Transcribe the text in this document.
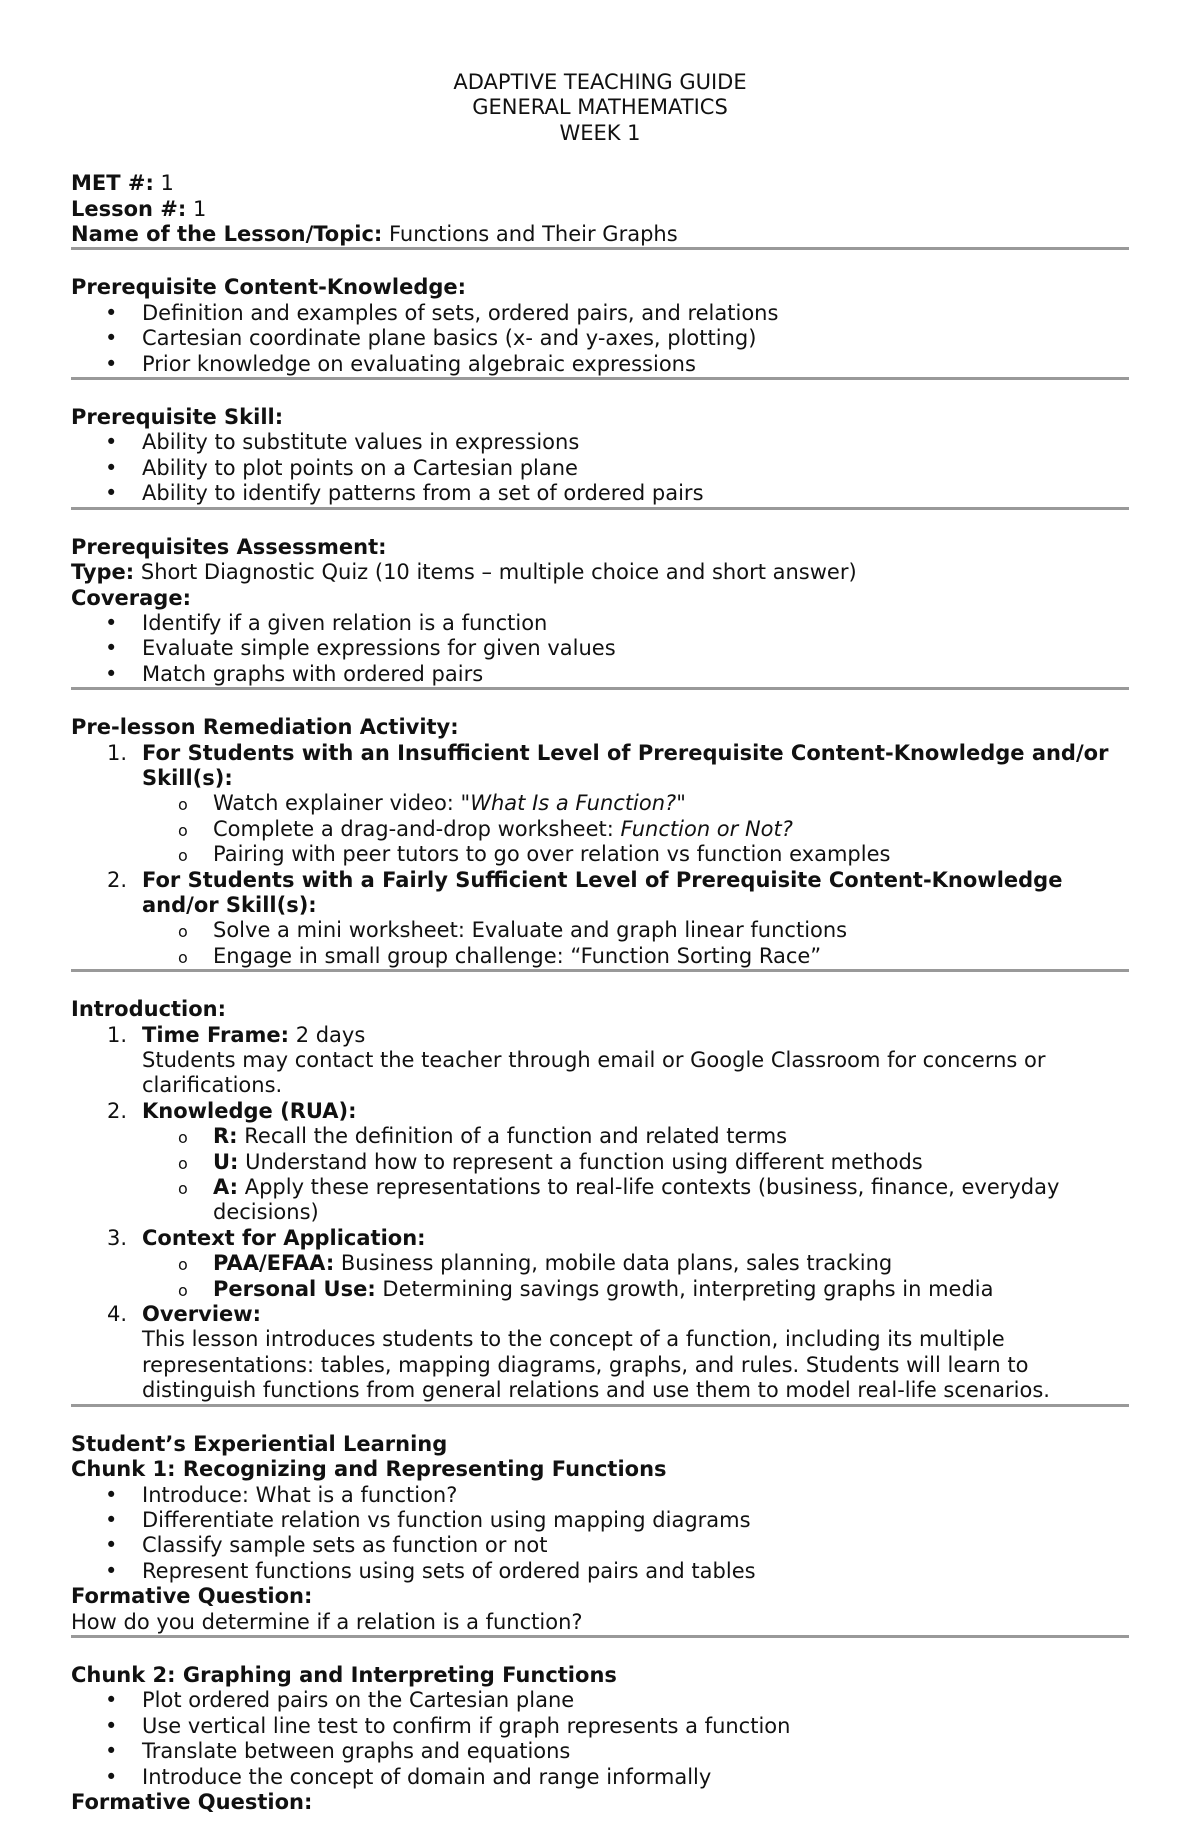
ADAPTIVE TEACHING GUIDE
GENERAL MATHEMATICS
WEEK 1
MET #: 1
Lesson #: 1
Name of the Lesson/Topic: Functions and Their Graphs
Prerequisite Content-Knowledge:
• Definition and examples of sets, ordered pairs, and relations
• Cartesian coordinate plane basics (x- and y-axes, plotting)
• Prior knowledge on evaluating algebraic expressions
Prerequisite Skill:
• Ability to substitute values in expressions
• Ability to plot points on a Cartesian plane
• Ability to identify patterns from a set of ordered pairs
Prerequisites Assessment:
Type: Short Diagnostic Quiz (10 items – multiple choice and short answer)
Coverage:
• Identify if a given relation is a function
• Evaluate simple expressions for given values
• Match graphs with ordered pairs
Pre-lesson Remediation Activity:
1. For Students with an Insufficient Level of Prerequisite Content-Knowledge and/or Skill(s):
o Watch explainer video: "What Is a Function?"
o Complete a drag-and-drop worksheet: Function or Not?
o Pairing with peer tutors to go over relation vs function examples
2. For Students with a Fairly Sufficient Level of Prerequisite Content-Knowledge and/or Skill(s):
o Solve a mini worksheet: Evaluate and graph linear functions
o Engage in small group challenge: “Function Sorting Race”
Introduction:
1. Time Frame: 2 days
Students may contact the teacher through email or Google Classroom for concerns or clarifications.
2. Knowledge (RUA):
o R: Recall the definition of a function and related terms
o U: Understand how to represent a function using different methods
o A: Apply these representations to real-life contexts (business, finance, everyday decisions)
3. Context for Application:
o PAA/EFAA: Business planning, mobile data plans, sales tracking
o Personal Use: Determining savings growth, interpreting graphs in media
4. Overview:
This lesson introduces students to the concept of a function, including its multiple representations: tables, mapping diagrams, graphs, and rules. Students will learn to distinguish functions from general relations and use them to model real-life scenarios.
Student’s Experiential Learning
Chunk 1: Recognizing and Representing Functions
• Introduce: What is a function?
• Differentiate relation vs function using mapping diagrams
• Classify sample sets as function or not
• Represent functions using sets of ordered pairs and tables
Formative Question:
How do you determine if a relation is a function?
Chunk 2: Graphing and Interpreting Functions
• Plot ordered pairs on the Cartesian plane
• Use vertical line test to confirm if graph represents a function
• Translate between graphs and equations
• Introduce the concept of domain and range informally
Formative Question:
